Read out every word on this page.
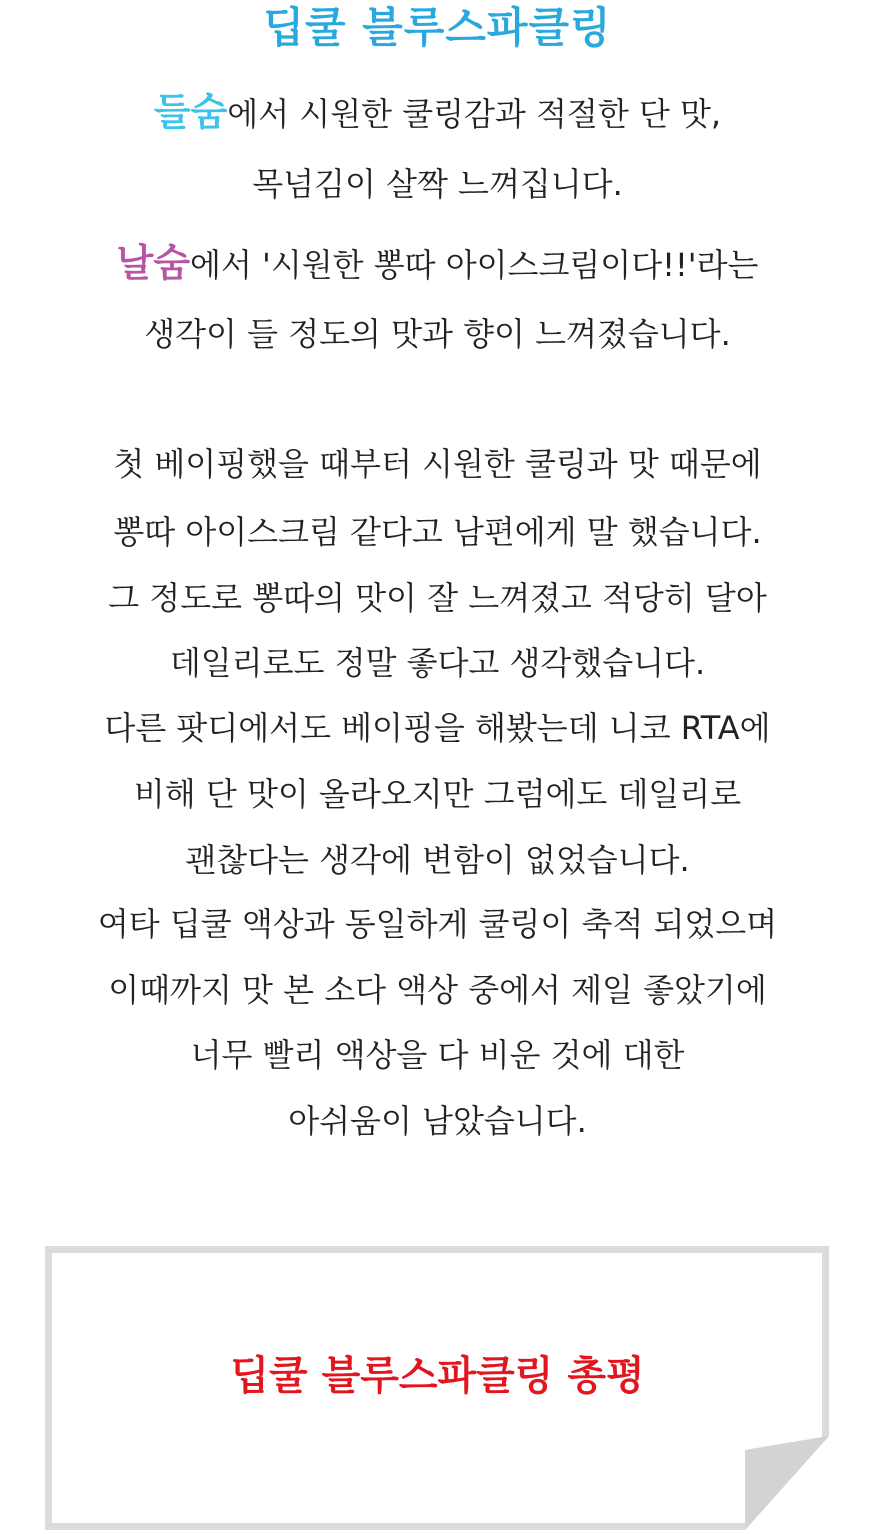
딥쿨 블루스파클링
들숨에서 시원한 쿨링감과 적절한 단 맛,
목넘김이 살짝 느껴집니다.
날숨에서 '시원한 뽕따 아이스크림이다!!'라는
생각이 들 정도의 맛과 향이 느껴졌습니다.
첫 베이핑했을 때부터 시원한 쿨링과 맛 때문에
뽕따 아이스크림 같다고 남편에게 말 했습니다.
그 정도로 뽕따의 맛이 잘 느껴졌고 적당히 달아
데일리로도 정말 좋다고 생각했습니다.
다른 팟디에서도 베이핑을 해봤는데 니코 RTA에
비해 단 맛이 올라오지만 그럼에도 데일리로
괜찮다는 생각에 변함이 없었습니다.
여타 딥쿨 액상과 동일하게 쿨링이 축적 되었으며
이때까지 맛 본 소다 액상 중에서 제일 좋았기에
너무 빨리 액상을 다 비운 것에 대한
아쉬움이 남았습니다.
딥쿨 블루스파클링 총평
